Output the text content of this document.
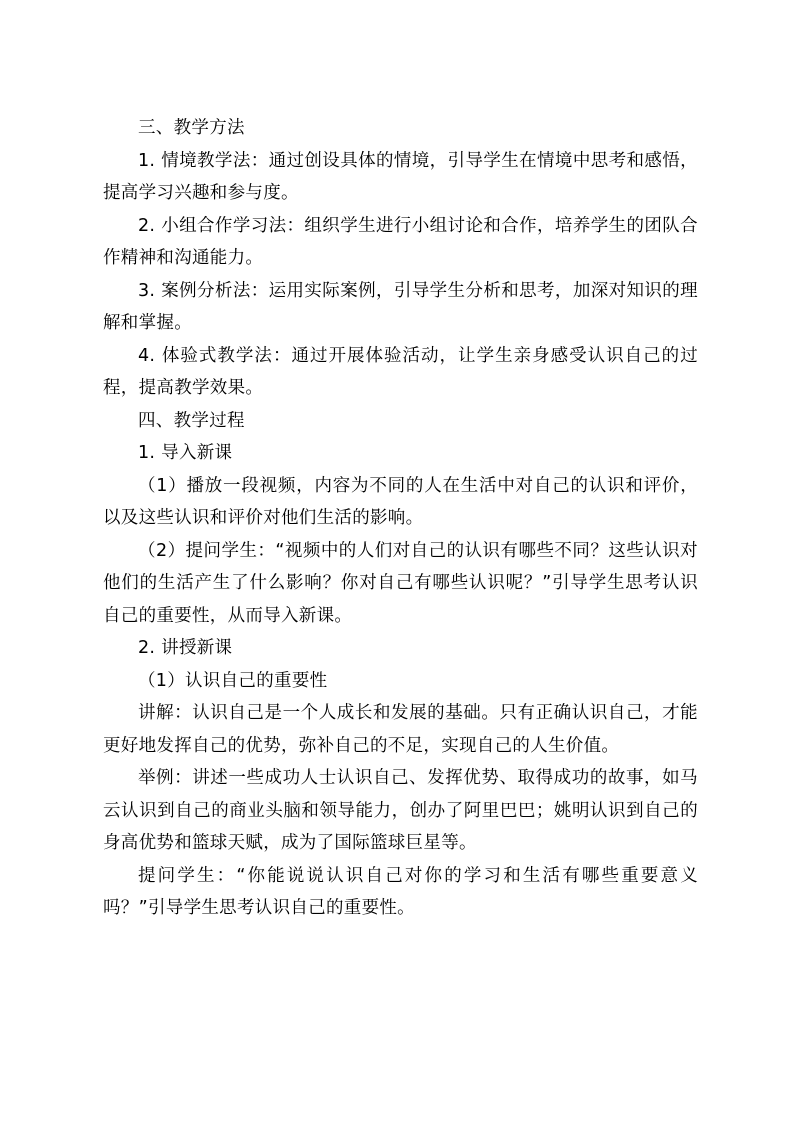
三、教学方法

1. 情境教学法：通过创设具体的情境，引导学生在情境中思考和感悟，提高学习兴趣和参与度。

2. 小组合作学习法：组织学生进行小组讨论和合作，培养学生的团队合作精神和沟通能力。

3. 案例分析法：运用实际案例，引导学生分析和思考，加深对知识的理解和掌握。

4. 体验式教学法：通过开展体验活动，让学生亲身感受认识自己的过程，提高教学效果。

四、教学过程

1. 导入新课

（1）播放一段视频，内容为不同的人在生活中对自己的认识和评价，以及这些认识和评价对他们生活的影响。

（2）提问学生：“视频中的人们对自己的认识有哪些不同？这些认识对他们的生活产生了什么影响？你对自己有哪些认识呢？”引导学生思考认识自己的重要性，从而导入新课。

2. 讲授新课

（1）认识自己的重要性

讲解：认识自己是一个人成长和发展的基础。只有正确认识自己，才能更好地发挥自己的优势，弥补自己的不足，实现自己的人生价值。

举例：讲述一些成功人士认识自己、发挥优势、取得成功的故事，如马云认识到自己的商业头脑和领导能力，创办了阿里巴巴；姚明认识到自己的身高优势和篮球天赋，成为了国际篮球巨星等。

提问学生：“你能说说认识自己对你的学习和生活有哪些重要意义吗？”引导学生思考认识自己的重要性。
